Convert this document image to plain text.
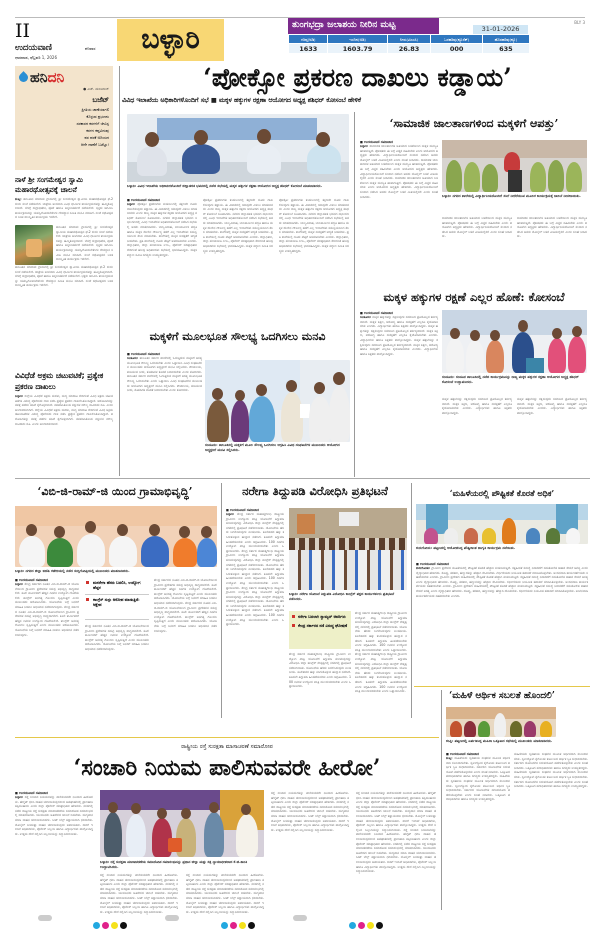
II
ಉದಯವಾಣಿ	ಶನಿವಾರ
ಧಾರವಾಡ, ಫೆಬ್ರವರಿ 1, 2026
ಬಳ್ಳಾರಿ
BLY 3
ತುಂಗಭದ್ರಾ ಜಲಾಶಯ ನೀರಿನ ಮಟ್ಟ	31-01-2026
ಗರಿಷ್ಠ(ಅಡಿ)	ಇಂದಿನ(ಅಡಿ)	ನೀರು(ಟಿಎಂಸಿ)	ಒಳಹರಿವು(ಕ್ಯೂಸೆಕ್)	ಹೊರಹರಿವು(ಕ್ಯೂ)
1633	1603.79	26.83	000	635
ಹನಿದನಿ
● ಎಚ್. ಡುಂಡಿರಾಜ್
ಬಜೆಟ್
ಪ್ರೀತಿಯ ಜಾಣೆಯಾಗಲಿ
ಕೊಳ್ಳುವ ಪ್ರಭಣನು
ಸರಕಾರದ ಕರಗಳಿಗೆ ಜೀವಿಸ್ಸ
ಕರಗಳ ಕಷ್ಟವಿದುವು
ಪರ ಪರಕೆ ಅದಿಯದ
ಆದೇ ದಾಣೆಗೆ ಬಜೆಟ್ಟು!
ನಾಳೆ ಶ್ರೀ ಸಂಗಮೇಶ್ವರ ಸ್ವಾಮಿ ಮಹಾರಥೋತ್ಸವಕ್ಕೆ ಚಾಲನೆ
ಕಂಪ್ಲಿ: ತಾಲೂಕಿನ ಮಾರಾಳು ಗ್ರಾಮದಲ್ಲಿ ಶ್ರೀ ಸಂಗಮೇಶ್ವರ ಸ್ವಾಮಿಯ ಮಹಾರಥೋತ್ಸವ ಫೆ.2 ರಂದು ಸಂಜೆ ನಡೆಯಲಿದೆ. ಜಾತ್ರೆಯ ಅಂಗವಾಗಿ ವಿವಿಧ ಧಾರ್ಮಿಕ ಕಾರ್ಯಕ್ರಮಗಳನ್ನು ಹಮ್ಮಿಕೊಳ್ಳಲಾಗಿದೆ. ಬೆಳಗ್ಗೆ ರುದ್ರಾಭಿಷೇಕ, ಪೂಜೆ ಹಾಗೂ ಅನ್ನಸಂತರ್ಪಣೆ ನಡೆಯಲಿದೆ. ಭಕ್ತರು ಆಗಮಿಸಿ ಕಾರ್ಯಕ್ರಮವನ್ನು ಯಶಸ್ವಿಗೊಳಿಸಬೇಕೆಂದು ದೇವಸ್ಥಾನ ಸಮಿತಿ ಮನವಿ ಮಾಡಿದೆ. ಸಂಜೆ ರಥೋತ್ಸವದ ಬಳಿಕ ಸಾಂಸ್ಕೃತಿಕ ಕಾರ್ಯಕ್ರಮ ಇರಲಿದೆ.
ತಾಲೂಕಿನ ಮಾರಾಳು ಗ್ರಾಮದಲ್ಲಿ ಶ್ರೀ ಸಂಗಮೇಶ್ವರ ಸ್ವಾಮಿಯ ಮಹಾರಥೋತ್ಸವ ಫೆ.2 ರಂದು ಸಂಜೆ ನಡೆಯಲಿದೆ. ಜಾತ್ರೆಯ ಅಂಗವಾಗಿ ವಿವಿಧ ಧಾರ್ಮಿಕ ಕಾರ್ಯಕ್ರಮಗಳನ್ನು ಹಮ್ಮಿಕೊಳ್ಳಲಾಗಿದೆ. ಬೆಳಗ್ಗೆ ರುದ್ರಾಭಿಷೇಕ, ಪೂಜೆ ಹಾಗೂ ಅನ್ನಸಂತರ್ಪಣೆ ನಡೆಯಲಿದೆ. ಭಕ್ತರು ಆಗಮಿಸಿ ಕಾರ್ಯಕ್ರಮವನ್ನು ಯಶಸ್ವಿಗೊಳಿಸಬೇಕೆಂದು ದೇವಸ್ಥಾನ ಸಮಿತಿ ಮನವಿ ಮಾಡಿದೆ. ಸಂಜೆ ರಥೋತ್ಸವದ ಬಳಿಕ ಸಾಂಸ್ಕೃತಿಕ ಕಾರ್ಯಕ್ರಮ ಇರಲಿದೆ.
ತಾಲೂಕಿನ ಮಾರಾಳು ಗ್ರಾಮದಲ್ಲಿ ಶ್ರೀ ಸಂಗಮೇಶ್ವರ ಸ್ವಾಮಿಯ ಮಹಾರಥೋತ್ಸವ ಫೆ.2 ರಂದು ಸಂಜೆ ನಡೆಯಲಿದೆ. ಜಾತ್ರೆಯ ಅಂಗವಾಗಿ ವಿವಿಧ ಧಾರ್ಮಿಕ ಕಾರ್ಯಕ್ರಮಗಳನ್ನು ಹಮ್ಮಿಕೊಳ್ಳಲಾಗಿದೆ. ಬೆಳಗ್ಗೆ ರುದ್ರಾಭಿಷೇಕ, ಪೂಜೆ ಹಾಗೂ ಅನ್ನಸಂತರ್ಪಣೆ ನಡೆಯಲಿದೆ. ಭಕ್ತರು ಆಗಮಿಸಿ ಕಾರ್ಯಕ್ರಮವನ್ನು ಯಶಸ್ವಿಗೊಳಿಸಬೇಕೆಂದು ದೇವಸ್ಥಾನ ಸಮಿತಿ ಮನವಿ ಮಾಡಿದೆ. ಸಂಜೆ ರಥೋತ್ಸವದ ಬಳಿಕ ಸಾಂಸ್ಕೃತಿಕ ಕಾರ್ಯಕ್ರಮ ಇರಲಿದೆ.
ವಿವಿಧೆಡೆ ಅಕ್ರಮ ಚಟುವಟಿಕೆ; ಪ್ರತ್ಯೇಕ ಪ್ರಕರಣ ದಾಖಲು
ಬಳ್ಳಾರಿ: ಜಿಲ್ಲೆಯ ವಿವಿಧೆಡೆ ಅಕ್ರಮ ಮರಳು, ಮದ್ಯ ಮಾರಾಟ ಸೇರಿದಂತೆ ವಿವಿಧ ಅಕ್ರಮ ಚಟುವಟಿಕೆಗಳ ವಿರುದ್ಧ ಪೊಲೀಸರು ದಾಳಿ ನಡೆಸಿ ಪ್ರತ್ಯೇಕ ಪ್ರಕರಣ ದಾಖಲಿಸಿಕೊಂಡಿದ್ದಾರೆ. ಆರೋಪಿಗಳನ್ನು ವಶಕ್ಕೆ ಪಡೆದು ತನಿಖೆ ಕೈಗೊಳ್ಳಲಾಗಿದೆ. ವಶಪಡಿಸಿಕೊಂಡ ವಸ್ತುಗಳ ಮೌಲ್ಯ ಸಾವಿರಾರು ರೂ. ಎಂದು ಅಂದಾಜಿಸಲಾಗಿದೆ. ಜಿಲ್ಲೆಯ ವಿವಿಧೆಡೆ ಅಕ್ರಮ ಮರಳು, ಮದ್ಯ ಮಾರಾಟ ಸೇರಿದಂತೆ ವಿವಿಧ ಅಕ್ರಮ ಚಟುವಟಿಕೆಗಳ ವಿರುದ್ಧ ಪೊಲೀಸರು ದಾಳಿ ನಡೆಸಿ ಪ್ರತ್ಯೇಕ ಪ್ರಕರಣ ದಾಖಲಿಸಿಕೊಂಡಿದ್ದಾರೆ. ಆರೋಪಿಗಳನ್ನು ವಶಕ್ಕೆ ಪಡೆದು ತನಿಖೆ ಕೈಗೊಳ್ಳಲಾಗಿದೆ. ವಶಪಡಿಸಿಕೊಂಡ ವಸ್ತುಗಳ ಮೌಲ್ಯ ಸಾವಿರಾರು ರೂ. ಎಂದು ಅಂದಾಜಿಸಲಾಗಿದೆ.
‘ಪೋಕ್ಸೋ ಪ್ರಕರಣ ದಾಖಲು ಕಡ್ಡಾಯ’
ವಿವಿಧ ಇಲಾಖೆಯ ಅಧಿಕಾರಿಗಳೊಂದಿಗೆ ಸಭೆ ■ ಮಕ್ಕಳ ಹಕ್ಕುಗಳ ರಕ್ಷಣಾ ಆಯೋಗದ ಅಧ್ಯಕ್ಷ ಶಶಿಧರ್‌ ಕೋಸಂಬೆ ಹೇಳಿಕೆ
ಬಳ್ಳಾರಿ: ವಿವಿಧ ಇಲಾಖೆಯ ಅಧಿಕಾರಿಗಳೊಂದಿಗೆ ಜಿಲ್ಲಾಡಳಿತ ಭವನದಲ್ಲಿ ನಡೆದ ಸಭೆಯಲ್ಲಿ ಮಕ್ಕಳ ಹಕ್ಕುಗಳ ರಕ್ಷಣಾ ಆಯೋಗದ ಅಧ್ಯಕ್ಷ ಶಶಿಧರ್ ಕೋಸಂಬೆ ಮಾತನಾಡಿದರು.
■ ಉದಯವಾಣಿ ಸಮಾಚಾರ
ಬಳ್ಳಾರಿ: ಪೋಕ್ಸೋ ಪ್ರಕರಣಗಳು ಕಂಡುಬಂದಲ್ಲಿ ತಕ್ಷಣವೇ ದೂರು ದಾಖಲಿಸುವುದು ಕಡ್ಡಾಯ. ಈ ವಿಚಾರದಲ್ಲಿ ಯಾವುದೇ ವಿಳಂಬ ಮಾಡಬಾರದು ಎಂದು ರಾಜ್ಯ ಮಕ್ಕಳ ಹಕ್ಕುಗಳ ರಕ್ಷಣಾ ಆಯೋಗದ ಅಧ್ಯಕ್ಷ ಶಶಿಧರ್ ಕೋಸಂಬೆ ಸೂಚಿಸಿದರು. ನಗರದ ಜಿಲ್ಲಾಡಳಿತ ಭವನದ ಸಭಾಂಗಣದಲ್ಲಿ ವಿವಿಧ ಇಲಾಖೆಗಳ ಅಧಿಕಾರಿಗಳೊಂದಿಗೆ ನಡೆಸಿದ ಸಭೆಯಲ್ಲಿ ಅವರು ಮಾತನಾಡಿದರು. ಬಾಲ್ಯವಿವಾಹ, ಬಾಲಕಾರ್ಮಿಕ ಪದ್ಧತಿ ಹಾಗೂ ಮಕ್ಕಳ ಮೇಲಿನ ದೌರ್ಜನ್ಯ ತಡೆಗೆ ಎಲ್ಲ ಇಲಾಖೆಗಳು ಸಮನ್ವಯದಿಂದ ಕೆಲಸ ಮಾಡಬೇಕು. ಶಾಲೆಗಳಲ್ಲಿ ಮಕ್ಕಳ ಸುರಕ್ಷತೆಗೆ ಆದ್ಯತೆ ನೀಡಬೇಕು. ಪ್ರತಿ ಶಾಲೆಯಲ್ಲಿ ದೂರು ಪೆಟ್ಟಿಗೆ ಅಳವಡಿಸಬೇಕು ಎಂದರು. ಜಿಲ್ಲಾಧಿಕಾರಿ, ಜಿಲ್ಲಾ ಪಂಚಾಯಿತಿ ಸಿಇಒ, ಪೊಲೀಸ್ ವರಿಷ್ಠಾಧಿಕಾರಿ ಸೇರಿದಂತೆ ಹಲವು ಅಧಿಕಾರಿಗಳು ಸಭೆಯಲ್ಲಿ ಭಾಗವಹಿಸಿದ್ದರು. ಮಕ್ಕಳ ಕಲ್ಯಾಣ ಸಮಿತಿ ಸದಸ್ಯರು ಉಪಸ್ಥಿತರಿದ್ದರು.
ಪೋಕ್ಸೋ ಪ್ರಕರಣಗಳು ಕಂಡುಬಂದಲ್ಲಿ ತಕ್ಷಣವೇ ದೂರು ದಾಖಲಿಸುವುದು ಕಡ್ಡಾಯ. ಈ ವಿಚಾರದಲ್ಲಿ ಯಾವುದೇ ವಿಳಂಬ ಮಾಡಬಾರದು ಎಂದು ರಾಜ್ಯ ಮಕ್ಕಳ ಹಕ್ಕುಗಳ ರಕ್ಷಣಾ ಆಯೋಗದ ಅಧ್ಯಕ್ಷ ಶಶಿಧರ್ ಕೋಸಂಬೆ ಸೂಚಿಸಿದರು. ನಗರದ ಜಿಲ್ಲಾಡಳಿತ ಭವನದ ಸಭಾಂಗಣದಲ್ಲಿ ವಿವಿಧ ಇಲಾಖೆಗಳ ಅಧಿಕಾರಿಗಳೊಂದಿಗೆ ನಡೆಸಿದ ಸಭೆಯಲ್ಲಿ ಅವರು ಮಾತನಾಡಿದರು. ಬಾಲ್ಯವಿವಾಹ, ಬಾಲಕಾರ್ಮಿಕ ಪದ್ಧತಿ ಹಾಗೂ ಮಕ್ಕಳ ಮೇಲಿನ ದೌರ್ಜನ್ಯ ತಡೆಗೆ ಎಲ್ಲ ಇಲಾಖೆಗಳು ಸಮನ್ವಯದಿಂದ ಕೆಲಸ ಮಾಡಬೇಕು. ಶಾಲೆಗಳಲ್ಲಿ ಮಕ್ಕಳ ಸುರಕ್ಷತೆಗೆ ಆದ್ಯತೆ ನೀಡಬೇಕು. ಪ್ರತಿ ಶಾಲೆಯಲ್ಲಿ ದೂರು ಪೆಟ್ಟಿಗೆ ಅಳವಡಿಸಬೇಕು ಎಂದರು. ಜಿಲ್ಲಾಧಿಕಾರಿ, ಜಿಲ್ಲಾ ಪಂಚಾಯಿತಿ ಸಿಇಒ, ಪೊಲೀಸ್ ವರಿಷ್ಠಾಧಿಕಾರಿ ಸೇರಿದಂತೆ ಹಲವು ಅಧಿಕಾರಿಗಳು ಸಭೆಯಲ್ಲಿ ಭಾಗವಹಿಸಿದ್ದರು. ಮಕ್ಕಳ ಕಲ್ಯಾಣ ಸಮಿತಿ ಸದಸ್ಯರು ಉಪಸ್ಥಿತರಿದ್ದರು.
ಪೋಕ್ಸೋ ಪ್ರಕರಣಗಳು ಕಂಡುಬಂದಲ್ಲಿ ತಕ್ಷಣವೇ ದೂರು ದಾಖಲಿಸುವುದು ಕಡ್ಡಾಯ. ಈ ವಿಚಾರದಲ್ಲಿ ಯಾವುದೇ ವಿಳಂಬ ಮಾಡಬಾರದು ಎಂದು ರಾಜ್ಯ ಮಕ್ಕಳ ಹಕ್ಕುಗಳ ರಕ್ಷಣಾ ಆಯೋಗದ ಅಧ್ಯಕ್ಷ ಶಶಿಧರ್ ಕೋಸಂಬೆ ಸೂಚಿಸಿದರು. ನಗರದ ಜಿಲ್ಲಾಡಳಿತ ಭವನದ ಸಭಾಂಗಣದಲ್ಲಿ ವಿವಿಧ ಇಲಾಖೆಗಳ ಅಧಿಕಾರಿಗಳೊಂದಿಗೆ ನಡೆಸಿದ ಸಭೆಯಲ್ಲಿ ಅವರು ಮಾತನಾಡಿದರು. ಬಾಲ್ಯವಿವಾಹ, ಬಾಲಕಾರ್ಮಿಕ ಪದ್ಧತಿ ಹಾಗೂ ಮಕ್ಕಳ ಮೇಲಿನ ದೌರ್ಜನ್ಯ ತಡೆಗೆ ಎಲ್ಲ ಇಲಾಖೆಗಳು ಸಮನ್ವಯದಿಂದ ಕೆಲಸ ಮಾಡಬೇಕು. ಶಾಲೆಗಳಲ್ಲಿ ಮಕ್ಕಳ ಸುರಕ್ಷತೆಗೆ ಆದ್ಯತೆ ನೀಡಬೇಕು. ಪ್ರತಿ ಶಾಲೆಯಲ್ಲಿ ದೂರು ಪೆಟ್ಟಿಗೆ ಅಳವಡಿಸಬೇಕು ಎಂದರು. ಜಿಲ್ಲಾಧಿಕಾರಿ, ಜಿಲ್ಲಾ ಪಂಚಾಯಿತಿ ಸಿಇಒ, ಪೊಲೀಸ್ ವರಿಷ್ಠಾಧಿಕಾರಿ ಸೇರಿದಂತೆ ಹಲವು ಅಧಿಕಾರಿಗಳು ಸಭೆಯಲ್ಲಿ ಭಾಗವಹಿಸಿದ್ದರು. ಮಕ್ಕಳ ಕಲ್ಯಾಣ ಸಮಿತಿ ಸದಸ್ಯರು ಉಪಸ್ಥಿತರಿದ್ದರು.
‘ಸಾಮಾಜಿಕ ಜಾಲತಾಣಗಳಿಂದ ಮಕ್ಕಳಿಗೆ ಆಪತ್ತು’
■ ಉದಯವಾಣಿ ಸಮಾಚಾರ
ಬಳ್ಳಾರಿ: ಸಾಮಾಜಿಕ ಜಾಲತಾಣಗಳ ಅತಿಯಾದ ಬಳಕೆಯಿಂದ ಮಕ್ಕಳ ಮನಸ್ಥಿತಿ ಹಾಳಾಗುತ್ತಿದೆ. ಪೋಷಕರು ಈ ಬಗ್ಗೆ ಎಚ್ಚರ ವಹಿಸಬೇಕು ಎಂದು ಆಯೋಗದ ಅಧ್ಯಕ್ಷರು ಹೇಳಿದರು. ವಿದ್ಯಾರ್ಥಿನಿಯರೊಂದಿಗೆ ಸಂವಾದ ನಡೆಸಿದ ಅವರು ಮೊಬೈಲ್ ಬಳಕೆ ಮಿತಿಯಲ್ಲಿರಲಿ ಎಂದು ಸಲಹೆ ನೀಡಿದರು. ಸಾಮಾಜಿಕ ಜಾಲತಾಣಗಳ ಅತಿಯಾದ ಬಳಕೆಯಿಂದ ಮಕ್ಕಳ ಮನಸ್ಥಿತಿ ಹಾಳಾಗುತ್ತಿದೆ. ಪೋಷಕರು ಈ ಬಗ್ಗೆ ಎಚ್ಚರ ವಹಿಸಬೇಕು ಎಂದು ಆಯೋಗದ ಅಧ್ಯಕ್ಷರು ಹೇಳಿದರು. ವಿದ್ಯಾರ್ಥಿನಿಯರೊಂದಿಗೆ ಸಂವಾದ ನಡೆಸಿದ ಅವರು ಮೊಬೈಲ್ ಬಳಕೆ ಮಿತಿಯಲ್ಲಿರಲಿ ಎಂದು ಸಲಹೆ ನೀಡಿದರು. ಸಾಮಾಜಿಕ ಜಾಲತಾಣಗಳ ಅತಿಯಾದ ಬಳಕೆಯಿಂದ ಮಕ್ಕಳ ಮನಸ್ಥಿತಿ ಹಾಳಾಗುತ್ತಿದೆ. ಪೋಷಕರು ಈ ಬಗ್ಗೆ ಎಚ್ಚರ ವಹಿಸಬೇಕು ಎಂದು ಆಯೋಗದ ಅಧ್ಯಕ್ಷರು ಹೇಳಿದರು. ವಿದ್ಯಾರ್ಥಿನಿಯರೊಂದಿಗೆ ಸಂವಾದ ನಡೆಸಿದ ಅವರು ಮೊಬೈಲ್ ಬಳಕೆ ಮಿತಿಯಲ್ಲಿರಲಿ ಎಂದು ಸಲಹೆ ನೀಡಿದರು.	ಬಳ್ಳಾರಿ: ನಗರದ ಶಾಲೆಯಲ್ಲಿ ವಿದ್ಯಾರ್ಥಿನಿಯರೊಂದಿಗೆ ಸಸಿಗೆ ನೀರೆರೆಯುವ ಮೂಲಕ ಕಾರ್ಯಕ್ರಮಕ್ಕೆ ಚಾಲನೆ ನೀಡಲಾಯಿತು.
ಸಾಮಾಜಿಕ ಜಾಲತಾಣಗಳ ಅತಿಯಾದ ಬಳಕೆಯಿಂದ ಮಕ್ಕಳ ಮನಸ್ಥಿತಿ ಹಾಳಾಗುತ್ತಿದೆ. ಪೋಷಕರು ಈ ಬಗ್ಗೆ ಎಚ್ಚರ ವಹಿಸಬೇಕು ಎಂದು ಆಯೋಗದ ಅಧ್ಯಕ್ಷರು ಹೇಳಿದರು. ವಿದ್ಯಾರ್ಥಿನಿಯರೊಂದಿಗೆ ಸಂವಾದ ನಡೆಸಿದ ಅವರು ಮೊಬೈಲ್ ಬಳಕೆ ಮಿತಿಯಲ್ಲಿರಲಿ ಎಂದು ಸಲಹೆ ನೀಡಿದರು.
ಸಾಮಾಜಿಕ ಜಾಲತಾಣಗಳ ಅತಿಯಾದ ಬಳಕೆಯಿಂದ ಮಕ್ಕಳ ಮನಸ್ಥಿತಿ ಹಾಳಾಗುತ್ತಿದೆ. ಪೋಷಕರು ಈ ಬಗ್ಗೆ ಎಚ್ಚರ ವಹಿಸಬೇಕು ಎಂದು ಆಯೋಗದ ಅಧ್ಯಕ್ಷರು ಹೇಳಿದರು. ವಿದ್ಯಾರ್ಥಿನಿಯರೊಂದಿಗೆ ಸಂವಾದ ನಡೆಸಿದ ಅವರು ಮೊಬೈಲ್ ಬಳಕೆ ಮಿತಿಯಲ್ಲಿರಲಿ ಎಂದು ಸಲಹೆ ನೀಡಿದರು.
ಮಕ್ಕಳ ಹಕ್ಕುಗಳ ರಕ್ಷಣೆ ಎಲ್ಲರ ಹೊಣೆ: ಕೋಸಂಬೆ
■ ಉದಯವಾಣಿ ಸಮಾಚಾರ
ಸಂಡೂರು: ಮಕ್ಕಳ ಹಕ್ಕುಗಳನ್ನು ರಕ್ಷಿಸುವುದು ಸಮಾಜದ ಪ್ರತಿಯೊಬ್ಬರ ಕರ್ತವ್ಯವಾಗಿದೆ. ಮಕ್ಕಳ ಶಿಕ್ಷಣ, ಆರೋಗ್ಯ ಹಾಗೂ ಸುರಕ್ಷತೆಗೆ ಎಲ್ಲರೂ ಕೈಜೋಡಿಸಬೇಕು ಎಂದರು. ವಿದ್ಯಾರ್ಥಿಗಳು ಹಾಗೂ ಶಿಕ್ಷಕರು ಪಾಲ್ಗೊಂಡಿದ್ದರು. ಮಕ್ಕಳ ಹಕ್ಕುಗಳನ್ನು ರಕ್ಷಿಸುವುದು ಸಮಾಜದ ಪ್ರತಿಯೊಬ್ಬರ ಕರ್ತವ್ಯವಾಗಿದೆ. ಮಕ್ಕಳ ಶಿಕ್ಷಣ, ಆರೋಗ್ಯ ಹಾಗೂ ಸುರಕ್ಷತೆಗೆ ಎಲ್ಲರೂ ಕೈಜೋಡಿಸಬೇಕು ಎಂದರು. ವಿದ್ಯಾರ್ಥಿಗಳು ಹಾಗೂ ಶಿಕ್ಷಕರು ಪಾಲ್ಗೊಂಡಿದ್ದರು. ಮಕ್ಕಳ ಹಕ್ಕುಗಳನ್ನು ರಕ್ಷಿಸುವುದು ಸಮಾಜದ ಪ್ರತಿಯೊಬ್ಬರ ಕರ್ತವ್ಯವಾಗಿದೆ. ಮಕ್ಕಳ ಶಿಕ್ಷಣ, ಆರೋಗ್ಯ ಹಾಗೂ ಸುರಕ್ಷತೆಗೆ ಎಲ್ಲರೂ ಕೈಜೋಡಿಸಬೇಕು ಎಂದರು. ವಿದ್ಯಾರ್ಥಿಗಳು ಹಾಗೂ ಶಿಕ್ಷಕರು ಪಾಲ್ಗೊಂಡಿದ್ದರು.
ಸಂಡೂರು: ಸಂಡೂರ ತಾಲೂಕಿನಲ್ಲಿ ನಡೆದ ಕಾರ್ಯಕ್ರಮವನ್ನು ರಾಜ್ಯ ಮಕ್ಕಳ ಹಕ್ಕುಗಳ ರಕ್ಷಣಾ ಆಯೋಗದ ಅಧ್ಯಕ್ಷ ಶಶಿಧರ್ ಕೋಸಂಬೆ ಉದ್ಘಾಟಿಸಿದರು.
ಮಕ್ಕಳ ಹಕ್ಕುಗಳನ್ನು ರಕ್ಷಿಸುವುದು ಸಮಾಜದ ಪ್ರತಿಯೊಬ್ಬರ ಕರ್ತವ್ಯವಾಗಿದೆ. ಮಕ್ಕಳ ಶಿಕ್ಷಣ, ಆರೋಗ್ಯ ಹಾಗೂ ಸುರಕ್ಷತೆಗೆ ಎಲ್ಲರೂ ಕೈಜೋಡಿಸಬೇಕು ಎಂದರು. ವಿದ್ಯಾರ್ಥಿಗಳು ಹಾಗೂ ಶಿಕ್ಷಕರು ಪಾಲ್ಗೊಂಡಿದ್ದರು.
ಮಕ್ಕಳ ಹಕ್ಕುಗಳನ್ನು ರಕ್ಷಿಸುವುದು ಸಮಾಜದ ಪ್ರತಿಯೊಬ್ಬರ ಕರ್ತವ್ಯವಾಗಿದೆ. ಮಕ್ಕಳ ಶಿಕ್ಷಣ, ಆರೋಗ್ಯ ಹಾಗೂ ಸುರಕ್ಷತೆಗೆ ಎಲ್ಲರೂ ಕೈಜೋಡಿಸಬೇಕು ಎಂದರು. ವಿದ್ಯಾರ್ಥಿಗಳು ಹಾಗೂ ಶಿಕ್ಷಕರು ಪಾಲ್ಗೊಂಡಿದ್ದರು.
ಮಕ್ಕಳಿಗೆ ಮೂಲಭೂತ ಸೌಲಭ್ಯ ಒದಗಿಸಲು ಮನವಿ
■ ಉದಯವಾಣಿ ಸಮಾಚಾರ
ಸಂಡೂರು: ತಾಲೂಕಿನ ಸರ್ಕಾರಿ ಶಾಲೆಗಳಲ್ಲಿ ಓದುತ್ತಿರುವ ಮಕ್ಕಳಿಗೆ ಅಗತ್ಯ ಮೂಲಭೂತ ಸೌಲಭ್ಯ ಒದಗಿಸಬೇಕು ಎಂದು ಒತ್ತಾಯಿಸಿ ವಿವಿಧ ಸಂಘಟನೆಗಳ ಮುಖಂಡರು ಆಯೋಗದ ಅಧ್ಯಕ್ಷರಿಗೆ ಮನವಿ ಸಲ್ಲಿಸಿದರು. ಶೌಚಾಲಯ, ಕುಡಿಯುವ ನೀರು, ಕೊಠಡಿಗಳ ಕೊರತೆ ನಿವಾರಿಸಬೇಕು ಎಂದು ಕೋರಿದರು. ತಾಲೂಕಿನ ಸರ್ಕಾರಿ ಶಾಲೆಗಳಲ್ಲಿ ಓದುತ್ತಿರುವ ಮಕ್ಕಳಿಗೆ ಅಗತ್ಯ ಮೂಲಭೂತ ಸೌಲಭ್ಯ ಒದಗಿಸಬೇಕು ಎಂದು ಒತ್ತಾಯಿಸಿ ವಿವಿಧ ಸಂಘಟನೆಗಳ ಮುಖಂಡರು ಆಯೋಗದ ಅಧ್ಯಕ್ಷರಿಗೆ ಮನವಿ ಸಲ್ಲಿಸಿದರು. ಶೌಚಾಲಯ, ಕುಡಿಯುವ ನೀರು, ಕೊಠಡಿಗಳ ಕೊರತೆ ನಿವಾರಿಸಬೇಕು ಎಂದು ಕೋರಿದರು.
ಸಂಡೂರು: ತಾಲೂಕಿನಲ್ಲಿ ಮಕ್ಕಳಿಗೆ ಮೂಲ ಸೌಲಭ್ಯ ಒದಗಿಸಲು ಆಗ್ರಹಿಸಿ ವಿವಿಧ ಸಂಘಟನೆಗಳ ಮುಖಂಡರು ಆಯೋಗದ ಅಧ್ಯಕ್ಷರಿಗೆ ಮನವಿ ಸಲ್ಲಿಸಿದರು.
‘ವಿಬಿ-ಜಿ-ರಾಮ್‌-ಜಿ ಯಿಂದ ಗ್ರಾಮಾಭಿವೃದ್ಧಿ’
ಬಳ್ಳಾರಿ: ನಗರದ ಜಿಲ್ಲಾ ಬಿಜೆಪಿ ಕಚೇರಿಯಲ್ಲಿ ನಡೆದ ಸುದ್ದಿಗೋಷ್ಠಿಯಲ್ಲಿ ಮುಖಂಡರು ಮಾತನಾಡಿದರು.
■ ಉದಯವಾಣಿ ಸಮಾಚಾರ
ಬಳ್ಳಾರಿ: ಕೇಂದ್ರ ಸರ್ಕಾರದ ನೂತನ ವಿಬಿ-ಜಿ-ರಾಮ್-ಜಿ ಯೋಜನೆಯಿಂದ ಗ್ರಾಮೀಣ ಪ್ರದೇಶಗಳ ಸಮಗ್ರ ಅಭಿವೃದ್ಧಿ ಸಾಧ್ಯವಾಗಲಿದೆ. ಕೂಲಿ ಕಾರ್ಮಿಕರಿಗೆ ಹೆಚ್ಚಿನ ದಿನಗಳ ಉದ್ಯೋಗ ದೊರೆಯಲಿದೆ. ಕಾಂಗ್ರೆಸ್ ಅನಗತ್ಯ ಗೊಂದಲ ಸೃಷ್ಟಿಸುತ್ತಿದೆ ಎಂದು ಮುಖಂಡರು ಆರೋಪಿಸಿದರು. ಯೋಜನೆಯ ಬಗ್ಗೆ ಜನರಿಗೆ ಮಾಹಿತಿ ನೀಡಲು ಅಭಿಯಾನ ನಡೆಸಲಾಗುವುದು. ಕೇಂದ್ರ ಸರ್ಕಾರದ ನೂತನ ವಿಬಿ-ಜಿ-ರಾಮ್-ಜಿ ಯೋಜನೆಯಿಂದ ಗ್ರಾಮೀಣ ಪ್ರದೇಶಗಳ ಸಮಗ್ರ ಅಭಿವೃದ್ಧಿ ಸಾಧ್ಯವಾಗಲಿದೆ. ಕೂಲಿ ಕಾರ್ಮಿಕರಿಗೆ ಹೆಚ್ಚಿನ ದಿನಗಳ ಉದ್ಯೋಗ ದೊರೆಯಲಿದೆ. ಕಾಂಗ್ರೆಸ್ ಅನಗತ್ಯ ಗೊಂದಲ ಸೃಷ್ಟಿಸುತ್ತಿದೆ ಎಂದು ಮುಖಂಡರು ಆರೋಪಿಸಿದರು. ಯೋಜನೆಯ ಬಗ್ಗೆ ಜನರಿಗೆ ಮಾಹಿತಿ ನೀಡಲು ಅಭಿಯಾನ ನಡೆಸಲಾಗುವುದು.
ಮನರೇಗಾ ಹೆಸರು ಬದಲಿಸಿ, ಉದ್ಯೋಗ ಹೆಚ್ಚಳ
ಕಾಂಗ್ರೆಸ್ ಸುಳ್ಳು ಆರೋಪ ಮಾಡುತ್ತಿದೆ: ಆಕ್ಷೇಪ
ಕೇಂದ್ರ ಸರ್ಕಾರದ ನೂತನ ವಿಬಿ-ಜಿ-ರಾಮ್-ಜಿ ಯೋಜನೆಯಿಂದ ಗ್ರಾಮೀಣ ಪ್ರದೇಶಗಳ ಸಮಗ್ರ ಅಭಿವೃದ್ಧಿ ಸಾಧ್ಯವಾಗಲಿದೆ. ಕೂಲಿ ಕಾರ್ಮಿಕರಿಗೆ ಹೆಚ್ಚಿನ ದಿನಗಳ ಉದ್ಯೋಗ ದೊರೆಯಲಿದೆ. ಕಾಂಗ್ರೆಸ್ ಅನಗತ್ಯ ಗೊಂದಲ ಸೃಷ್ಟಿಸುತ್ತಿದೆ ಎಂದು ಮುಖಂಡರು ಆರೋಪಿಸಿದರು. ಯೋಜನೆಯ ಬಗ್ಗೆ ಜನರಿಗೆ ಮಾಹಿತಿ ನೀಡಲು ಅಭಿಯಾನ ನಡೆಸಲಾಗುವುದು.
ಕೇಂದ್ರ ಸರ್ಕಾರದ ನೂತನ ವಿಬಿ-ಜಿ-ರಾಮ್-ಜಿ ಯೋಜನೆಯಿಂದ ಗ್ರಾಮೀಣ ಪ್ರದೇಶಗಳ ಸಮಗ್ರ ಅಭಿವೃದ್ಧಿ ಸಾಧ್ಯವಾಗಲಿದೆ. ಕೂಲಿ ಕಾರ್ಮಿಕರಿಗೆ ಹೆಚ್ಚಿನ ದಿನಗಳ ಉದ್ಯೋಗ ದೊರೆಯಲಿದೆ. ಕಾಂಗ್ರೆಸ್ ಅನಗತ್ಯ ಗೊಂದಲ ಸೃಷ್ಟಿಸುತ್ತಿದೆ ಎಂದು ಮುಖಂಡರು ಆರೋಪಿಸಿದರು. ಯೋಜನೆಯ ಬಗ್ಗೆ ಜನರಿಗೆ ಮಾಹಿತಿ ನೀಡಲು ಅಭಿಯಾನ ನಡೆಸಲಾಗುವುದು. ಕೇಂದ್ರ ಸರ್ಕಾರದ ನೂತನ ವಿಬಿ-ಜಿ-ರಾಮ್-ಜಿ ಯೋಜನೆಯಿಂದ ಗ್ರಾಮೀಣ ಪ್ರದೇಶಗಳ ಸಮಗ್ರ ಅಭಿವೃದ್ಧಿ ಸಾಧ್ಯವಾಗಲಿದೆ. ಕೂಲಿ ಕಾರ್ಮಿಕರಿಗೆ ಹೆಚ್ಚಿನ ದಿನಗಳ ಉದ್ಯೋಗ ದೊರೆಯಲಿದೆ. ಕಾಂಗ್ರೆಸ್ ಅನಗತ್ಯ ಗೊಂದಲ ಸೃಷ್ಟಿಸುತ್ತಿದೆ ಎಂದು ಮುಖಂಡರು ಆರೋಪಿಸಿದರು. ಯೋಜನೆಯ ಬಗ್ಗೆ ಜನರಿಗೆ ಮಾಹಿತಿ ನೀಡಲು ಅಭಿಯಾನ ನಡೆಸಲಾಗುವುದು.
ನರೇಗಾ ತಿದ್ದುಪಡಿ ವಿರೋಧಿಸಿ ಪ್ರತಿಭಟನೆ
■ ಉದಯವಾಣಿ ಸಮಾಚಾರ
ಬಳ್ಳಾರಿ: ಕೇಂದ್ರ ಸರ್ಕಾರ ಮಹಾತ್ಮಗಾಂಧಿ ರಾಷ್ಟ್ರೀಯ ಗ್ರಾಮೀಣ ಉದ್ಯೋಗ ಖಾತ್ರಿ ಯೋಜನೆಗೆ ತಿದ್ದುಪಡಿ ತಂದಿರುವುದನ್ನು ವಿರೋಧಿಸಿ ಜಿಲ್ಲಾ ಕಾಂಗ್ರೆಸ್ ನೇತೃತ್ವದಲ್ಲಿ ನಗರದಲ್ಲಿ ಪ್ರತಿಭಟನೆ ನಡೆಸಲಾಯಿತು. ಯೋಜನೆಯ ಹೆಸರು ಬದಲಿಸಿರುವುದು ಖಂಡನೀಯ. ಕೂಲಿಕಾರರ ಹಕ್ಕು ಕಸಿದುಕೊಳ್ಳುವ ಹುನ್ನಾರ ನಡೆದಿದೆ. ಕೂಡಲೇ ತಿದ್ದುಪಡಿ ಹಿಂಪಡೆಯಬೇಕು ಎಂದು ಆಗ್ರಹಿಸಿದರು. 100 ದಿನಗಳ ಉದ್ಯೋಗ ಖಾತ್ರಿ ಮುಂದುವರಿಸಬೇಕು ಎಂದು ಒತ್ತಾಯಿಸಿದರು. ಕೇಂದ್ರ ಸರ್ಕಾರ ಮಹಾತ್ಮಗಾಂಧಿ ರಾಷ್ಟ್ರೀಯ ಗ್ರಾಮೀಣ ಉದ್ಯೋಗ ಖಾತ್ರಿ ಯೋಜನೆಗೆ ತಿದ್ದುಪಡಿ ತಂದಿರುವುದನ್ನು ವಿರೋಧಿಸಿ ಜಿಲ್ಲಾ ಕಾಂಗ್ರೆಸ್ ನೇತೃತ್ವದಲ್ಲಿ ನಗರದಲ್ಲಿ ಪ್ರತಿಭಟನೆ ನಡೆಸಲಾಯಿತು. ಯೋಜನೆಯ ಹೆಸರು ಬದಲಿಸಿರುವುದು ಖಂಡನೀಯ. ಕೂಲಿಕಾರರ ಹಕ್ಕು ಕಸಿದುಕೊಳ್ಳುವ ಹುನ್ನಾರ ನಡೆದಿದೆ. ಕೂಡಲೇ ತಿದ್ದುಪಡಿ ಹಿಂಪಡೆಯಬೇಕು ಎಂದು ಆಗ್ರಹಿಸಿದರು. 100 ದಿನಗಳ ಉದ್ಯೋಗ ಖಾತ್ರಿ ಮುಂದುವರಿಸಬೇಕು ಎಂದು ಒತ್ತಾಯಿಸಿದರು. ಕೇಂದ್ರ ಸರ್ಕಾರ ಮಹಾತ್ಮಗಾಂಧಿ ರಾಷ್ಟ್ರೀಯ ಗ್ರಾಮೀಣ ಉದ್ಯೋಗ ಖಾತ್ರಿ ಯೋಜನೆಗೆ ತಿದ್ದುಪಡಿ ತಂದಿರುವುದನ್ನು ವಿರೋಧಿಸಿ ಜಿಲ್ಲಾ ಕಾಂಗ್ರೆಸ್ ನೇತೃತ್ವದಲ್ಲಿ ನಗರದಲ್ಲಿ ಪ್ರತಿಭಟನೆ ನಡೆಸಲಾಯಿತು. ಯೋಜನೆಯ ಹೆಸರು ಬದಲಿಸಿರುವುದು ಖಂಡನೀಯ. ಕೂಲಿಕಾರರ ಹಕ್ಕು ಕಸಿದುಕೊಳ್ಳುವ ಹುನ್ನಾರ ನಡೆದಿದೆ. ಕೂಡಲೇ ತಿದ್ದುಪಡಿ ಹಿಂಪಡೆಯಬೇಕು ಎಂದು ಆಗ್ರಹಿಸಿದರು. 100 ದಿನಗಳ ಉದ್ಯೋಗ ಖಾತ್ರಿ ಮುಂದುವರಿಸಬೇಕು ಎಂದು ಒತ್ತಾಯಿಸಿದರು.
ಬಳ್ಳಾರಿ: ನರೇಗಾ ಯೋಜನೆ ತಿದ್ದುಪಡಿ ವಿರೋಧಿಸಿ ಕಾಂಗ್ರೆಸ್ ಪಕ್ಷದ ಕಾರ್ಯಕರ್ತರು ಪ್ರತಿಭಟನೆ ನಡೆಸಿದರು.
ನರೇಗಾ ಬದಲಾಗಿ ಸ್ವಾಮ್ಯದ್ ಆವರಿಗಳು
ಕೇಂದ್ರ ಸರ್ಕಾರದ ನಡೆ ವಿರುದ್ಧ ಘೋಷಣೆ
ಕೇಂದ್ರ ಸರ್ಕಾರ ಮಹಾತ್ಮಗಾಂಧಿ ರಾಷ್ಟ್ರೀಯ ಗ್ರಾಮೀಣ ಉದ್ಯೋಗ ಖಾತ್ರಿ ಯೋಜನೆಗೆ ತಿದ್ದುಪಡಿ ತಂದಿರುವುದನ್ನು ವಿರೋಧಿಸಿ ಜಿಲ್ಲಾ ಕಾಂಗ್ರೆಸ್ ನೇತೃತ್ವದಲ್ಲಿ ನಗರದಲ್ಲಿ ಪ್ರತಿಭಟನೆ ನಡೆಸಲಾಯಿತು. ಯೋಜನೆಯ ಹೆಸರು ಬದಲಿಸಿರುವುದು ಖಂಡನೀಯ. ಕೂಲಿಕಾರರ ಹಕ್ಕು ಕಸಿದುಕೊಳ್ಳುವ ಹುನ್ನಾರ ನಡೆದಿದೆ. ಕೂಡಲೇ ತಿದ್ದುಪಡಿ ಹಿಂಪಡೆಯಬೇಕು ಎಂದು ಆಗ್ರಹಿಸಿದರು. 100 ದಿನಗಳ ಉದ್ಯೋಗ ಖಾತ್ರಿ ಮುಂದುವರಿಸಬೇಕು ಎಂದು ಒತ್ತಾಯಿಸಿದರು.
ಕೇಂದ್ರ ಸರ್ಕಾರ ಮಹಾತ್ಮಗಾಂಧಿ ರಾಷ್ಟ್ರೀಯ ಗ್ರಾಮೀಣ ಉದ್ಯೋಗ ಖಾತ್ರಿ ಯೋಜನೆಗೆ ತಿದ್ದುಪಡಿ ತಂದಿರುವುದನ್ನು ವಿರೋಧಿಸಿ ಜಿಲ್ಲಾ ಕಾಂಗ್ರೆಸ್ ನೇತೃತ್ವದಲ್ಲಿ ನಗರದಲ್ಲಿ ಪ್ರತಿಭಟನೆ ನಡೆಸಲಾಯಿತು. ಯೋಜನೆಯ ಹೆಸರು ಬದಲಿಸಿರುವುದು ಖಂಡನೀಯ. ಕೂಲಿಕಾರರ ಹಕ್ಕು ಕಸಿದುಕೊಳ್ಳುವ ಹುನ್ನಾರ ನಡೆದಿದೆ. ಕೂಡಲೇ ತಿದ್ದುಪಡಿ ಹಿಂಪಡೆಯಬೇಕು ಎಂದು ಆಗ್ರಹಿಸಿದರು. 100 ದಿನಗಳ ಉದ್ಯೋಗ ಖಾತ್ರಿ ಮುಂದುವರಿಸಬೇಕು ಎಂದು ಒತ್ತಾಯಿಸಿದರು. ಕೇಂದ್ರ ಸರ್ಕಾರ ಮಹಾತ್ಮಗಾಂಧಿ ರಾಷ್ಟ್ರೀಯ ಗ್ರಾಮೀಣ ಉದ್ಯೋಗ ಖಾತ್ರಿ ಯೋಜನೆಗೆ ತಿದ್ದುಪಡಿ ತಂದಿರುವುದನ್ನು ವಿರೋಧಿಸಿ ಜಿಲ್ಲಾ ಕಾಂಗ್ರೆಸ್ ನೇತೃತ್ವದಲ್ಲಿ ನಗರದಲ್ಲಿ ಪ್ರತಿಭಟನೆ ನಡೆಸಲಾಯಿತು. ಯೋಜನೆಯ ಹೆಸರು ಬದಲಿಸಿರುವುದು ಖಂಡನೀಯ. ಕೂಲಿಕಾರರ ಹಕ್ಕು ಕಸಿದುಕೊಳ್ಳುವ ಹುನ್ನಾರ ನಡೆದಿದೆ. ಕೂಡಲೇ ತಿದ್ದುಪಡಿ ಹಿಂಪಡೆಯಬೇಕು ಎಂದು ಆಗ್ರಹಿಸಿದರು. 100 ದಿನಗಳ ಉದ್ಯೋಗ ಖಾತ್ರಿ ಮುಂದುವರಿಸಬೇಕು ಎಂದು ಒತ್ತಾಯಿಸಿದರು.
‘ಮಹಿಳೆಯರಲ್ಲಿ ಪೌಷ್ಟಿಕತೆ ಕೊರತೆ ಅಧಿಕ’
ಕುರುಗೋಡು: ಪಟ್ಟಣದಲ್ಲಿ ಆಯೋಜಿಸಿದ್ದ ಪೌಷ್ಟಿಕಾಂಶ ಜಾಗೃತಿ ಕಾರ್ಯಕ್ರಮ ನಡೆಯಿತು.
■ ಉದಯವಾಣಿ ಸಮಾಚಾರ
ಕುರುಗೋಡು: ಗ್ರಾಮೀಣ ಪ್ರದೇಶದ ಮಹಿಳೆಯರಲ್ಲಿ ಪೌಷ್ಟಿಕತೆ ಕೊರತೆ ಹೆಚ್ಚಾಗಿ ಕಂಡುಬರುತ್ತಿದೆ. ರಕ್ತಹೀನತೆ ಸಮಸ್ಯೆ ನಿವಾರಣೆಗೆ ಸಮತೋಲಿತ ಆಹಾರ ಸೇವನೆ ಅಗತ್ಯ ಎಂದು ವೈದ್ಯಾಧಿಕಾರಿ ಹೇಳಿದರು. ಸೊಪ್ಪು, ತರಕಾರಿ, ಹಣ್ಣುಗಳನ್ನು ಹೆಚ್ಚಾಗಿ ಸೇವಿಸಬೇಕು. ಗರ್ಭಿಣಿಯರು ನಿಯಮಿತ ತಪಾಸಣೆ ಮಾಡಿಸಿಕೊಳ್ಳಬೇಕು. ಅಂಗನವಾಡಿ ಕಾರ್ಯಕರ್ತೆಯರು ಸಹಕರಿಸಬೇಕು ಎಂದರು. ಗ್ರಾಮೀಣ ಪ್ರದೇಶದ ಮಹಿಳೆಯರಲ್ಲಿ ಪೌಷ್ಟಿಕತೆ ಕೊರತೆ ಹೆಚ್ಚಾಗಿ ಕಂಡುಬರುತ್ತಿದೆ. ರಕ್ತಹೀನತೆ ಸಮಸ್ಯೆ ನಿವಾರಣೆಗೆ ಸಮತೋಲಿತ ಆಹಾರ ಸೇವನೆ ಅಗತ್ಯ ಎಂದು ವೈದ್ಯಾಧಿಕಾರಿ ಹೇಳಿದರು. ಸೊಪ್ಪು, ತರಕಾರಿ, ಹಣ್ಣುಗಳನ್ನು ಹೆಚ್ಚಾಗಿ ಸೇವಿಸಬೇಕು. ಗರ್ಭಿಣಿಯರು ನಿಯಮಿತ ತಪಾಸಣೆ ಮಾಡಿಸಿಕೊಳ್ಳಬೇಕು. ಅಂಗನವಾಡಿ ಕಾರ್ಯಕರ್ತೆಯರು ಸಹಕರಿಸಬೇಕು ಎಂದರು. ಗ್ರಾಮೀಣ ಪ್ರದೇಶದ ಮಹಿಳೆಯರಲ್ಲಿ ಪೌಷ್ಟಿಕತೆ ಕೊರತೆ ಹೆಚ್ಚಾಗಿ ಕಂಡುಬರುತ್ತಿದೆ. ರಕ್ತಹೀನತೆ ಸಮಸ್ಯೆ ನಿವಾರಣೆಗೆ ಸಮತೋಲಿತ ಆಹಾರ ಸೇವನೆ ಅಗತ್ಯ ಎಂದು ವೈದ್ಯಾಧಿಕಾರಿ ಹೇಳಿದರು. ಸೊಪ್ಪು, ತರಕಾರಿ, ಹಣ್ಣುಗಳನ್ನು ಹೆಚ್ಚಾಗಿ ಸೇವಿಸಬೇಕು. ಗರ್ಭಿಣಿಯರು ನಿಯಮಿತ ತಪಾಸಣೆ ಮಾಡಿಸಿಕೊಳ್ಳಬೇಕು. ಅಂಗನವಾಡಿ ಕಾರ್ಯಕರ್ತೆಯರು ಸಹಕರಿಸಬೇಕು ಎಂದರು.
‘ಮಹಿಳೆ ಆರ್ಥಿಕ ಸಬಲತೆ ಹೊಂದಲಿ’
ಕಂಪ್ಲಿ: ಪಟ್ಟಣದಲ್ಲಿ ಏರ್ಪಡಿಸಿದ್ದ ಮಹಿಳಾ ಒಕ್ಕೂಟದ ಸಭೆಯಲ್ಲಿ ಮುಖಂಡರು ಮಾತನಾಡಿದರು.
■ ಉದಯವಾಣಿ ಸಮಾಚಾರ
ಕಂಪ್ಲಿ: ಮಹಿಳೆಯರು ಸ್ವಸಹಾಯ ಸಂಘಗಳ ಮೂಲಕ ಆರ್ಥಿಕವಾಗಿ ಸಬಲರಾಗಬೇಕು. ಸ್ವಉದ್ಯೋಗ ಕೈಗೊಂಡು ಕುಟುಂಬದ ಆರ್ಥಿಕ ಸ್ಥಿತಿ ಸುಧಾರಿಸಬೇಕು. ಸರ್ಕಾರದ ಯೋಜನೆಗಳ ಸದುಪಯೋಗ ಪಡೆದುಕೊಳ್ಳಬೇಕು ಎಂದು ಸಲಹೆ ನೀಡಿದರು. ಒಕ್ಕೂಟದ ಪದಾಧಿಕಾರಿಗಳು ಹಾಗೂ ಸದಸ್ಯರು ಉಪಸ್ಥಿತರಿದ್ದರು. ಮಹಿಳೆಯರು ಸ್ವಸಹಾಯ ಸಂಘಗಳ ಮೂಲಕ ಆರ್ಥಿಕವಾಗಿ ಸಬಲರಾಗಬೇಕು. ಸ್ವಉದ್ಯೋಗ ಕೈಗೊಂಡು ಕುಟುಂಬದ ಆರ್ಥಿಕ ಸ್ಥಿತಿ ಸುಧಾರಿಸಬೇಕು. ಸರ್ಕಾರದ ಯೋಜನೆಗಳ ಸದುಪಯೋಗ ಪಡೆದುಕೊಳ್ಳಬೇಕು ಎಂದು ಸಲಹೆ ನೀಡಿದರು. ಒಕ್ಕೂಟದ ಪದಾಧಿಕಾರಿಗಳು ಹಾಗೂ ಸದಸ್ಯರು ಉಪಸ್ಥಿತರಿದ್ದರು.
ಮಹಿಳೆಯರು ಸ್ವಸಹಾಯ ಸಂಘಗಳ ಮೂಲಕ ಆರ್ಥಿಕವಾಗಿ ಸಬಲರಾಗಬೇಕು. ಸ್ವಉದ್ಯೋಗ ಕೈಗೊಂಡು ಕುಟುಂಬದ ಆರ್ಥಿಕ ಸ್ಥಿತಿ ಸುಧಾರಿಸಬೇಕು. ಸರ್ಕಾರದ ಯೋಜನೆಗಳ ಸದುಪಯೋಗ ಪಡೆದುಕೊಳ್ಳಬೇಕು ಎಂದು ಸಲಹೆ ನೀಡಿದರು. ಒಕ್ಕೂಟದ ಪದಾಧಿಕಾರಿಗಳು ಹಾಗೂ ಸದಸ್ಯರು ಉಪಸ್ಥಿತರಿದ್ದರು. ಮಹಿಳೆಯರು ಸ್ವಸಹಾಯ ಸಂಘಗಳ ಮೂಲಕ ಆರ್ಥಿಕವಾಗಿ ಸಬಲರಾಗಬೇಕು. ಸ್ವಉದ್ಯೋಗ ಕೈಗೊಂಡು ಕುಟುಂಬದ ಆರ್ಥಿಕ ಸ್ಥಿತಿ ಸುಧಾರಿಸಬೇಕು. ಸರ್ಕಾರದ ಯೋಜನೆಗಳ ಸದುಪಯೋಗ ಪಡೆದುಕೊಳ್ಳಬೇಕು ಎಂದು ಸಲಹೆ ನೀಡಿದರು. ಒಕ್ಕೂಟದ ಪದಾಧಿಕಾರಿಗಳು ಹಾಗೂ ಸದಸ್ಯರು ಉಪಸ್ಥಿತರಿದ್ದರು.
ರಾಷ್ಟ್ರೀಯ ರಸ್ತೆ ಸುರಕ್ಷತಾ ಮಾಸಾಚರಣೆ ಸಮಾರೋಪ
‘ಸಂಚಾರಿ ನಿಯಮ ಪಾಲಿಸುವವರೇ ಹೀರೋ’
■ ಉದಯವಾಣಿ ಸಮಾಚಾರ
ಬಳ್ಳಾರಿ: ರಸ್ತೆ ಸಂಚಾರ ನಿಯಮಗಳನ್ನು ಪಾಲಿಸುವವರೇ ನಿಜವಾದ ಹೀರೋಗಳು. ಹೆಲ್ಮೆಟ್ ಧರಿಸಿ ವಾಹನ ಚಲಾಯಿಸುವುದರಿಂದ ಅಪಘಾತಗಳಲ್ಲಿ ಪ್ರಾಣಹಾನಿ ತಪ್ಪಿಸಬಹುದು ಎಂದು ಜಿಲ್ಲಾ ಪೊಲೀಸ್ ವರಿಷ್ಠಾಧಿಕಾರಿ ಹೇಳಿದರು. ನಗರದಲ್ಲಿ ನಡೆದ ರಾಷ್ಟ್ರೀಯ ರಸ್ತೆ ಸುರಕ್ಷತಾ ಮಾಸಾಚರಣೆಯ ಸಮಾರೋಪ ಸಮಾರಂಭದಲ್ಲಿ ಮಾತನಾಡಿದರು. ಯುವಜನರು ಅತಿವೇಗದ ಚಾಲನೆ ಬಿಡಬೇಕು. ಮದ್ಯಪಾನ ಮಾಡಿ ವಾಹನ ಚಲಾಯಿಸಬಾರದು. ಸೀಟ್ ಬೆಲ್ಟ್ ಕಡ್ಡಾಯವಾಗಿ ಧರಿಸಬೇಕು. ಮೊಬೈಲ್ ಬಳಸುತ್ತಾ ವಾಹನ ಚಲಾಯಿಸುವುದು ಅಪಾಯಕಾರಿ. ಸಾರಿಗೆ ಇಲಾಖೆ ಅಧಿಕಾರಿಗಳು, ಪೊಲೀಸ್ ಸಿಬ್ಬಂದಿ ಹಾಗೂ ವಿದ್ಯಾರ್ಥಿಗಳು ಪಾಲ್ಗೊಂಡಿದ್ದರು. ಉತ್ತಮ ಸೇವೆ ಸಲ್ಲಿಸಿದ ಸಿಬ್ಬಂದಿಯನ್ನು ಸನ್ಮಾನಿಸಲಾಯಿತು.
ಬಳ್ಳಾರಿ: ರಸ್ತೆ ಸುರಕ್ಷತಾ ಮಾಸಾಚರಣೆಯ ಸಮಾರೋಪ ಸಮಾರಂಭವನ್ನು ಪ್ರಧಾನ ಜಿಲ್ಲಾ ಮತ್ತು ಸತ್ರ ನ್ಯಾಯಾಧೀಶರಾದ ಕೆ.ಜಿ.ಶಾಂತಿ ಉದ್ಘಾಟಿಸಿದರು.
ರಸ್ತೆ ಸಂಚಾರ ನಿಯಮಗಳನ್ನು ಪಾಲಿಸುವವರೇ ನಿಜವಾದ ಹೀರೋಗಳು. ಹೆಲ್ಮೆಟ್ ಧರಿಸಿ ವಾಹನ ಚಲಾಯಿಸುವುದರಿಂದ ಅಪಘಾತಗಳಲ್ಲಿ ಪ್ರಾಣಹಾನಿ ತಪ್ಪಿಸಬಹುದು ಎಂದು ಜಿಲ್ಲಾ ಪೊಲೀಸ್ ವರಿಷ್ಠಾಧಿಕಾರಿ ಹೇಳಿದರು. ನಗರದಲ್ಲಿ ನಡೆದ ರಾಷ್ಟ್ರೀಯ ರಸ್ತೆ ಸುರಕ್ಷತಾ ಮಾಸಾಚರಣೆಯ ಸಮಾರೋಪ ಸಮಾರಂಭದಲ್ಲಿ ಮಾತನಾಡಿದರು. ಯುವಜನರು ಅತಿವೇಗದ ಚಾಲನೆ ಬಿಡಬೇಕು. ಮದ್ಯಪಾನ ಮಾಡಿ ವಾಹನ ಚಲಾಯಿಸಬಾರದು. ಸೀಟ್ ಬೆಲ್ಟ್ ಕಡ್ಡಾಯವಾಗಿ ಧರಿಸಬೇಕು. ಮೊಬೈಲ್ ಬಳಸುತ್ತಾ ವಾಹನ ಚಲಾಯಿಸುವುದು ಅಪಾಯಕಾರಿ. ಸಾರಿಗೆ ಇಲಾಖೆ ಅಧಿಕಾರಿಗಳು, ಪೊಲೀಸ್ ಸಿಬ್ಬಂದಿ ಹಾಗೂ ವಿದ್ಯಾರ್ಥಿಗಳು ಪಾಲ್ಗೊಂಡಿದ್ದರು. ಉತ್ತಮ ಸೇವೆ ಸಲ್ಲಿಸಿದ ಸಿಬ್ಬಂದಿಯನ್ನು ಸನ್ಮಾನಿಸಲಾಯಿತು.
ರಸ್ತೆ ಸಂಚಾರ ನಿಯಮಗಳನ್ನು ಪಾಲಿಸುವವರೇ ನಿಜವಾದ ಹೀರೋಗಳು. ಹೆಲ್ಮೆಟ್ ಧರಿಸಿ ವಾಹನ ಚಲಾಯಿಸುವುದರಿಂದ ಅಪಘಾತಗಳಲ್ಲಿ ಪ್ರಾಣಹಾನಿ ತಪ್ಪಿಸಬಹುದು ಎಂದು ಜಿಲ್ಲಾ ಪೊಲೀಸ್ ವರಿಷ್ಠಾಧಿಕಾರಿ ಹೇಳಿದರು. ನಗರದಲ್ಲಿ ನಡೆದ ರಾಷ್ಟ್ರೀಯ ರಸ್ತೆ ಸುರಕ್ಷತಾ ಮಾಸಾಚರಣೆಯ ಸಮಾರೋಪ ಸಮಾರಂಭದಲ್ಲಿ ಮಾತನಾಡಿದರು. ಯುವಜನರು ಅತಿವೇಗದ ಚಾಲನೆ ಬಿಡಬೇಕು. ಮದ್ಯಪಾನ ಮಾಡಿ ವಾಹನ ಚಲಾಯಿಸಬಾರದು. ಸೀಟ್ ಬೆಲ್ಟ್ ಕಡ್ಡಾಯವಾಗಿ ಧರಿಸಬೇಕು. ಮೊಬೈಲ್ ಬಳಸುತ್ತಾ ವಾಹನ ಚಲಾಯಿಸುವುದು ಅಪಾಯಕಾರಿ. ಸಾರಿಗೆ ಇಲಾಖೆ ಅಧಿಕಾರಿಗಳು, ಪೊಲೀಸ್ ಸಿಬ್ಬಂದಿ ಹಾಗೂ ವಿದ್ಯಾರ್ಥಿಗಳು ಪಾಲ್ಗೊಂಡಿದ್ದರು. ಉತ್ತಮ ಸೇವೆ ಸಲ್ಲಿಸಿದ ಸಿಬ್ಬಂದಿಯನ್ನು ಸನ್ಮಾನಿಸಲಾಯಿತು.
ರಸ್ತೆ ಸಂಚಾರ ನಿಯಮಗಳನ್ನು ಪಾಲಿಸುವವರೇ ನಿಜವಾದ ಹೀರೋಗಳು. ಹೆಲ್ಮೆಟ್ ಧರಿಸಿ ವಾಹನ ಚಲಾಯಿಸುವುದರಿಂದ ಅಪಘಾತಗಳಲ್ಲಿ ಪ್ರಾಣಹಾನಿ ತಪ್ಪಿಸಬಹುದು ಎಂದು ಜಿಲ್ಲಾ ಪೊಲೀಸ್ ವರಿಷ್ಠಾಧಿಕಾರಿ ಹೇಳಿದರು. ನಗರದಲ್ಲಿ ನಡೆದ ರಾಷ್ಟ್ರೀಯ ರಸ್ತೆ ಸುರಕ್ಷತಾ ಮಾಸಾಚರಣೆಯ ಸಮಾರೋಪ ಸಮಾರಂಭದಲ್ಲಿ ಮಾತನಾಡಿದರು. ಯುವಜನರು ಅತಿವೇಗದ ಚಾಲನೆ ಬಿಡಬೇಕು. ಮದ್ಯಪಾನ ಮಾಡಿ ವಾಹನ ಚಲಾಯಿಸಬಾರದು. ಸೀಟ್ ಬೆಲ್ಟ್ ಕಡ್ಡಾಯವಾಗಿ ಧರಿಸಬೇಕು. ಮೊಬೈಲ್ ಬಳಸುತ್ತಾ ವಾಹನ ಚಲಾಯಿಸುವುದು ಅಪಾಯಕಾರಿ. ಸಾರಿಗೆ ಇಲಾಖೆ ಅಧಿಕಾರಿಗಳು, ಪೊಲೀಸ್ ಸಿಬ್ಬಂದಿ ಹಾಗೂ ವಿದ್ಯಾರ್ಥಿಗಳು ಪಾಲ್ಗೊಂಡಿದ್ದರು. ಉತ್ತಮ ಸೇವೆ ಸಲ್ಲಿಸಿದ ಸಿಬ್ಬಂದಿಯನ್ನು ಸನ್ಮಾನಿಸಲಾಯಿತು.
ರಸ್ತೆ ಸಂಚಾರ ನಿಯಮಗಳನ್ನು ಪಾಲಿಸುವವರೇ ನಿಜವಾದ ಹೀರೋಗಳು. ಹೆಲ್ಮೆಟ್ ಧರಿಸಿ ವಾಹನ ಚಲಾಯಿಸುವುದರಿಂದ ಅಪಘಾತಗಳಲ್ಲಿ ಪ್ರಾಣಹಾನಿ ತಪ್ಪಿಸಬಹುದು ಎಂದು ಜಿಲ್ಲಾ ಪೊಲೀಸ್ ವರಿಷ್ಠಾಧಿಕಾರಿ ಹೇಳಿದರು. ನಗರದಲ್ಲಿ ನಡೆದ ರಾಷ್ಟ್ರೀಯ ರಸ್ತೆ ಸುರಕ್ಷತಾ ಮಾಸಾಚರಣೆಯ ಸಮಾರೋಪ ಸಮಾರಂಭದಲ್ಲಿ ಮಾತನಾಡಿದರು. ಯುವಜನರು ಅತಿವೇಗದ ಚಾಲನೆ ಬಿಡಬೇಕು. ಮದ್ಯಪಾನ ಮಾಡಿ ವಾಹನ ಚಲಾಯಿಸಬಾರದು. ಸೀಟ್ ಬೆಲ್ಟ್ ಕಡ್ಡಾಯವಾಗಿ ಧರಿಸಬೇಕು. ಮೊಬೈಲ್ ಬಳಸುತ್ತಾ ವಾಹನ ಚಲಾಯಿಸುವುದು ಅಪಾಯಕಾರಿ. ಸಾರಿಗೆ ಇಲಾಖೆ ಅಧಿಕಾರಿಗಳು, ಪೊಲೀಸ್ ಸಿಬ್ಬಂದಿ ಹಾಗೂ ವಿದ್ಯಾರ್ಥಿಗಳು ಪಾಲ್ಗೊಂಡಿದ್ದರು. ಉತ್ತಮ ಸೇವೆ ಸಲ್ಲಿಸಿದ ಸಿಬ್ಬಂದಿಯನ್ನು ಸನ್ಮಾನಿಸಲಾಯಿತು. ರಸ್ತೆ ಸಂಚಾರ ನಿಯಮಗಳನ್ನು ಪಾಲಿಸುವವರೇ ನಿಜವಾದ ಹೀರೋಗಳು. ಹೆಲ್ಮೆಟ್ ಧರಿಸಿ ವಾಹನ ಚಲಾಯಿಸುವುದರಿಂದ ಅಪಘಾತಗಳಲ್ಲಿ ಪ್ರಾಣಹಾನಿ ತಪ್ಪಿಸಬಹುದು ಎಂದು ಜಿಲ್ಲಾ ಪೊಲೀಸ್ ವರಿಷ್ಠಾಧಿಕಾರಿ ಹೇಳಿದರು. ನಗರದಲ್ಲಿ ನಡೆದ ರಾಷ್ಟ್ರೀಯ ರಸ್ತೆ ಸುರಕ್ಷತಾ ಮಾಸಾಚರಣೆಯ ಸಮಾರೋಪ ಸಮಾರಂಭದಲ್ಲಿ ಮಾತನಾಡಿದರು. ಯುವಜನರು ಅತಿವೇಗದ ಚಾಲನೆ ಬಿಡಬೇಕು. ಮದ್ಯಪಾನ ಮಾಡಿ ವಾಹನ ಚಲಾಯಿಸಬಾರದು. ಸೀಟ್ ಬೆಲ್ಟ್ ಕಡ್ಡಾಯವಾಗಿ ಧರಿಸಬೇಕು. ಮೊಬೈಲ್ ಬಳಸುತ್ತಾ ವಾಹನ ಚಲಾಯಿಸುವುದು ಅಪಾಯಕಾರಿ. ಸಾರಿಗೆ ಇಲಾಖೆ ಅಧಿಕಾರಿಗಳು, ಪೊಲೀಸ್ ಸಿಬ್ಬಂದಿ ಹಾಗೂ ವಿದ್ಯಾರ್ಥಿಗಳು ಪಾಲ್ಗೊಂಡಿದ್ದರು. ಉತ್ತಮ ಸೇವೆ ಸಲ್ಲಿಸಿದ ಸಿಬ್ಬಂದಿಯನ್ನು ಸನ್ಮಾನಿಸಲಾಯಿತು.
